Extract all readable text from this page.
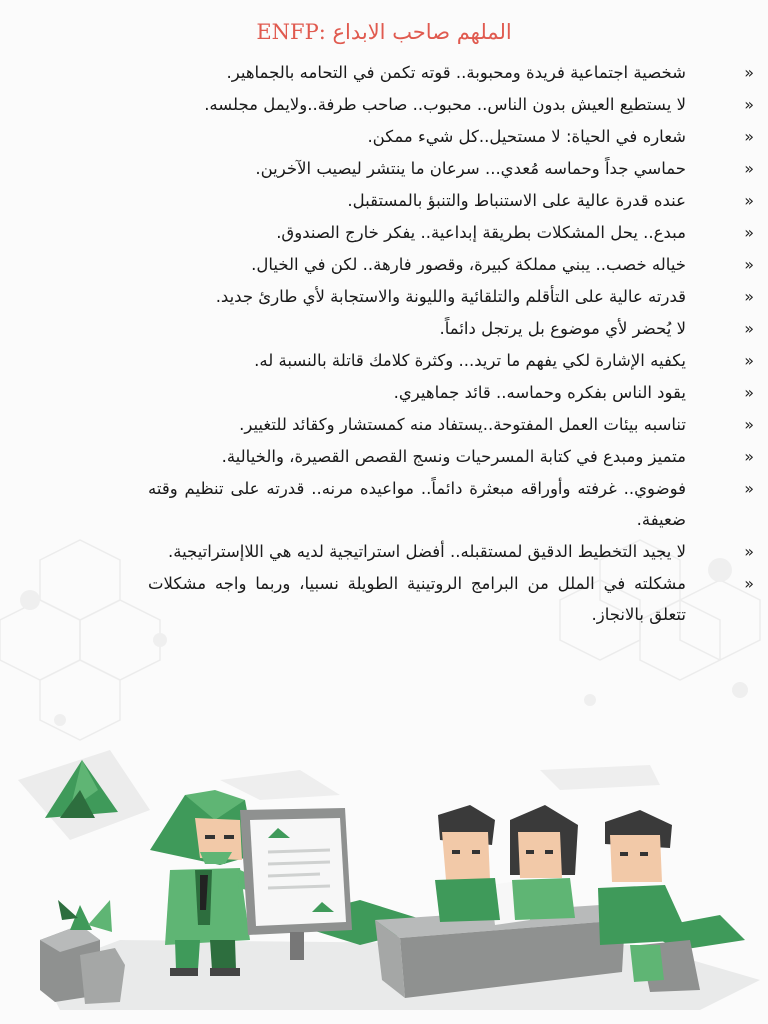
الملهم صاحب الابداع :ENFP
«
شخصية اجتماعية فريدة ومحبوبة.. قوته تكمن في التحامه بالجماهير.
«
لا يستطيع العيش بدون الناس.. محبوب.. صاحب طرفة..ولايمل مجلسه.
«
شعاره في الحياة: لا مستحيل..كل شيء ممكن.
«
حماسي جداً وحماسه مُعدي... سرعان ما ينتشر ليصيب الآخرين.
«
عنده قدرة عالية على الاستنباط والتنبؤ بالمستقبل.
«
مبدع.. يحل المشكلات بطريقة إبداعية.. يفكر خارج الصندوق.
«
خياله خصب.. يبني مملكة كبيرة، وقصور فارهة.. لكن في الخيال.
«
قدرته عالية على التأقلم والتلقائية والليونة والاستجابة لأي طارئ جديد.
«
لا يُحضر لأي موضوع بل يرتجل دائماً.
«
يكفيه الإشارة لكي يفهم ما تريد... وكثرة كلامك قاتلة بالنسبة له.
«
يقود الناس بفكره وحماسه.. قائد جماهيري.
«
تناسبه بيئات العمل المفتوحة..يستفاد منه كمستشار وكقائد للتغيير.
«
متميز ومبدع في كتابة المسرحيات ونسج القصص القصيرة، والخيالية.
«
فوضوي.. غرفته وأوراقه مبعثرة دائماً.. مواعيده مرنه.. قدرته على تنظيم وقته ضعيفة.
«
لا يجيد التخطيط الدقيق لمستقبله.. أفضل استراتيجية لديه هي اللاإستراتيجية.
«
مشكلته في الملل من البرامج الروتينية الطويلة نسبيا، وربما واجه مشكلات تتعلق بالانجاز.
